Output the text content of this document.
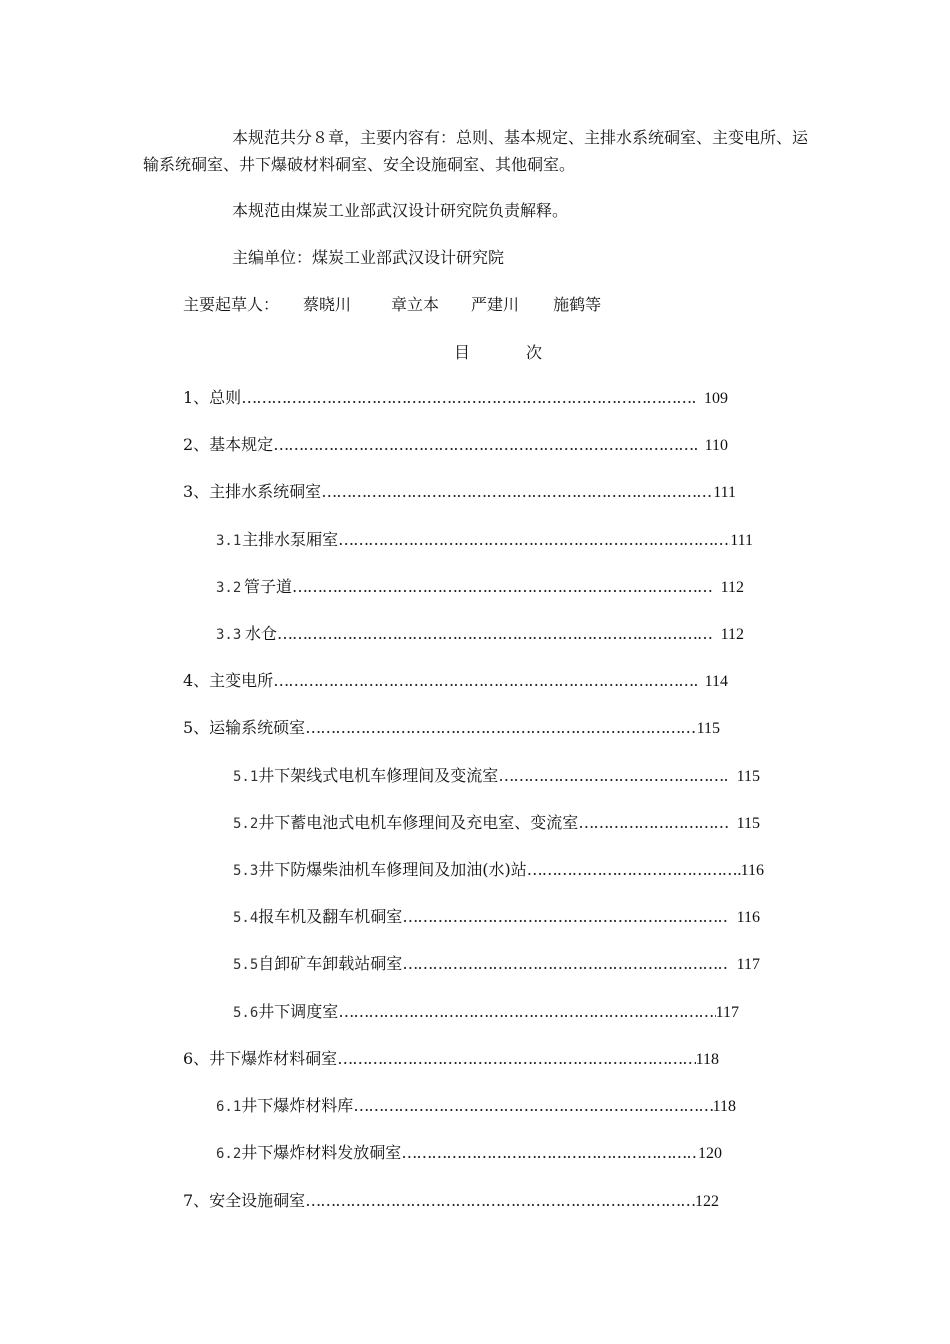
本规范共分８章，主要内容有：总则、基本规定、主排水系统硐室、主变电所、运输系统硐室、井下爆破材料硐室、安全设施硐室、其他硐室。

本规范由煤炭工业部武汉设计研究院负责解释。

主编单位：煤炭工业部武汉设计研究院

主要起草人： 蔡晓川	章立本 严建川 施鹤等

目次
1、总则 …………………………………………………………………………………………………………………………………………………………	109
2、基本规定 …………………………………………………………………………………………………………………………………………………………	110
3、主排水系统硐室 …………………………………………………………………………………………………………………………………………………………	111
3.1 主排水泵厢室 …………………………………………………………………………………………………………………………………………………………	111
3.2 管子道 …………………………………………………………………………………………………………………………………………………………	112
3.3 水仓 …………………………………………………………………………………………………………………………………………………………	112
4、主变电所 …………………………………………………………………………………………………………………………………………………………	114
5、运输系统硕室 …………………………………………………………………………………………………………………………………………………………	115
5.1 井下架线式电机车修理间及变流室 …………………………………………………………………………………………………………………………………………………………	115
5.2 井下蓄电池式电机车修理间及充电室、变流室 …………………………………………………………………………………………………………………………………………………………	115
5.3 井下防爆柴油机车修理间及加油(水)站 …………………………………………………………………………………………………………………………………………………………	116
5.4 报车机及翻车机硐室 …………………………………………………………………………………………………………………………………………………………	116
5.5 自卸矿车卸载站硐室 …………………………………………………………………………………………………………………………………………………………	117
5.6 井下调度室 …………………………………………………………………………………………………………………………………………………………	117
6、井下爆炸材料硐室 …………………………………………………………………………………………………………………………………………………………	118
6.1 井下爆炸材料库 …………………………………………………………………………………………………………………………………………………………	118
6.2 井下爆炸材料发放硐室 …………………………………………………………………………………………………………………………………………………………	120
7、安全设施硐室 …………………………………………………………………………………………………………………………………………………………	122
